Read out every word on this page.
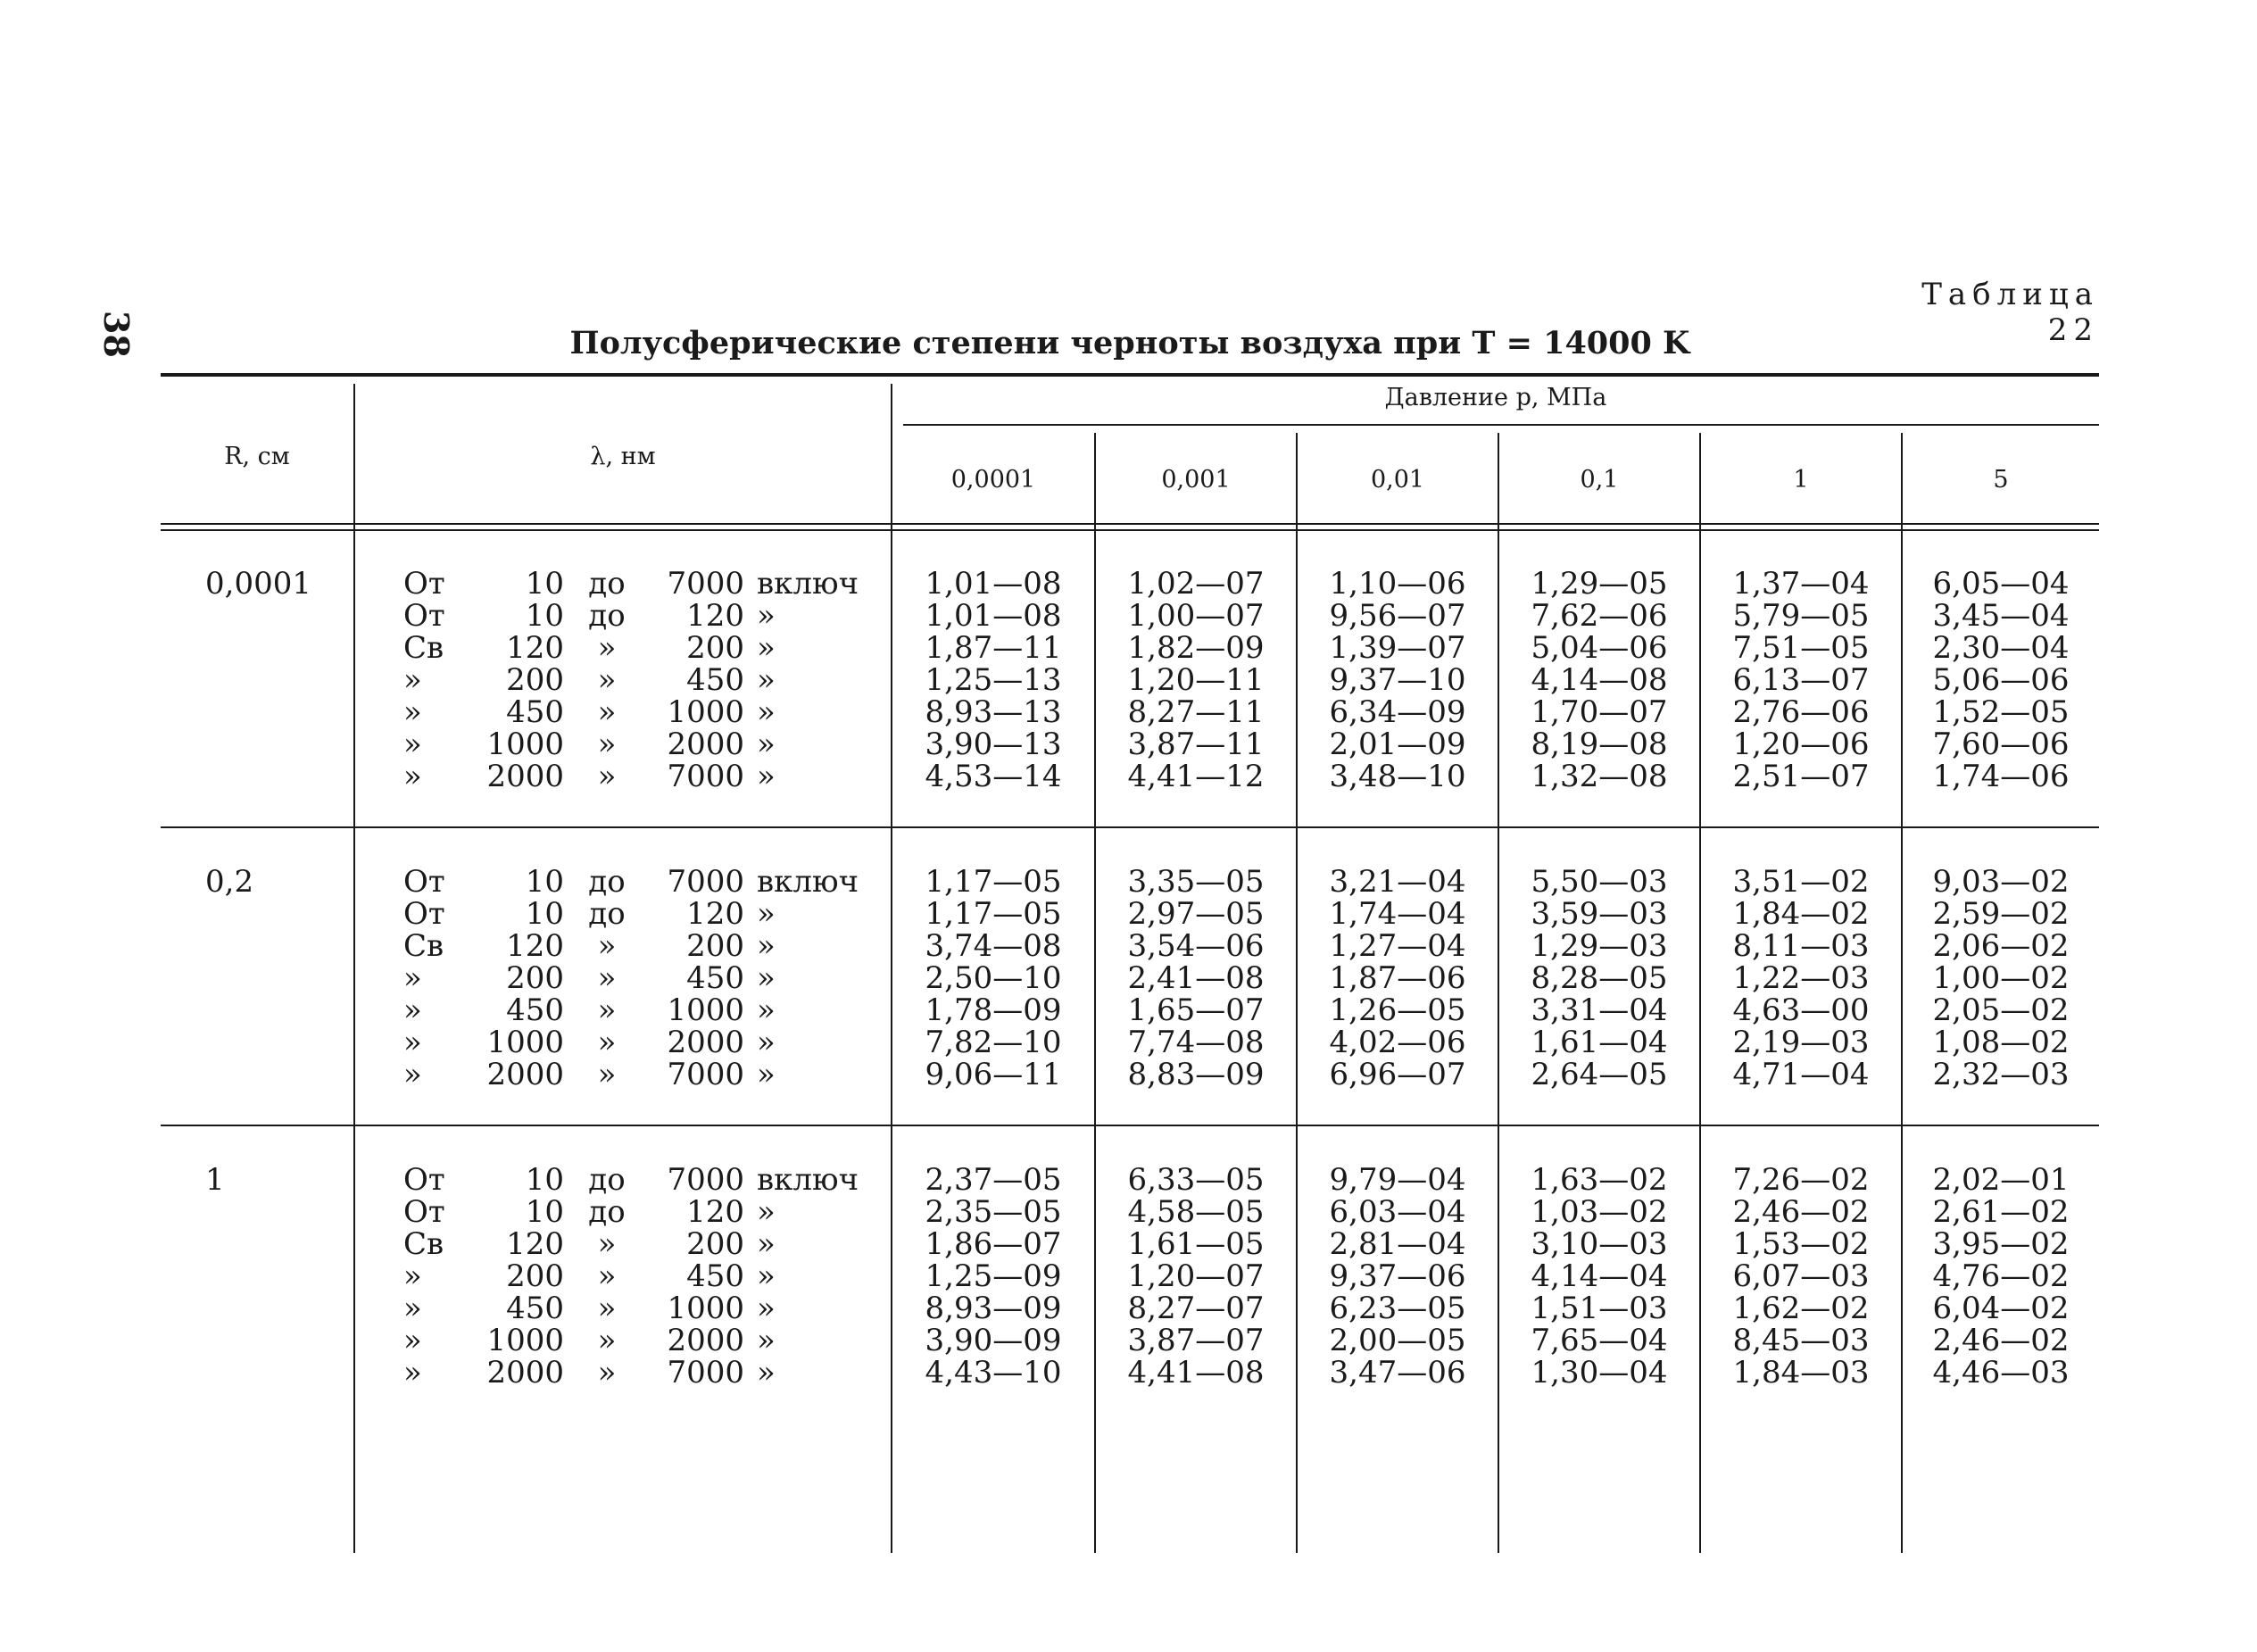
38
Таблица 22
Полусферические степени черноты воздуха при T = 14000 K
R, см	λ, нм
Давление p, МПа
0,0001	0,001	0,01	0,1	1	5
0,0001	От	10 до	7000 включ	1,01—08	1,02—07	1,10—06	1,29—05	1,37—04	6,05—04
От	10 до	120 »	1,01—08	1,00—07	9,56—07	7,62—06	5,79—05	3,45—04
Св	120	»	200 »	1,87—11	1,82—09	1,39—07	5,04—06	7,51—05	2,30—04
»	200	»	450 »	1,25—13	1,20—11	9,37—10	4,14—08	6,13—07	5,06—06
»	450	»	1000 »	8,93—13	8,27—11	6,34—09	1,70—07	2,76—06	1,52—05
»	1000	»	2000 »	3,90—13	3,87—11	2,01—09	8,19—08	1,20—06	7,60—06
»	2000	»	7000 »	4,53—14	4,41—12	3,48—10	1,32—08	2,51—07	1,74—06
0,2	От	10 до	7000 включ	1,17—05	3,35—05	3,21—04	5,50—03	3,51—02	9,03—02
От	10 до	120 »	1,17—05	2,97—05	1,74—04	3,59—03	1,84—02	2,59—02
Св	120	»	200 »	3,74—08	3,54—06	1,27—04	1,29—03	8,11—03	2,06—02
»	200	»	450 »	2,50—10	2,41—08	1,87—06	8,28—05	1,22—03	1,00—02
»	450	»	1000 »	1,78—09	1,65—07	1,26—05	3,31—04	4,63—00	2,05—02
»	1000	»	2000 »	7,82—10	7,74—08	4,02—06	1,61—04	2,19—03	1,08—02
»	2000	»	7000 »	9,06—11	8,83—09	6,96—07	2,64—05	4,71—04	2,32—03
1	От	10 до	7000 включ	2,37—05	6,33—05	9,79—04	1,63—02	7,26—02	2,02—01
От	10 до	120 »	2,35—05	4,58—05	6,03—04	1,03—02	2,46—02	2,61—02
Св	120	»	200 »	1,86—07	1,61—05	2,81—04	3,10—03	1,53—02	3,95—02
»	200	»	450 »	1,25—09	1,20—07	9,37—06	4,14—04	6,07—03	4,76—02
»	450	»	1000 »	8,93—09	8,27—07	6,23—05	1,51—03	1,62—02	6,04—02
»	1000	»	2000 »	3,90—09	3,87—07	2,00—05	7,65—04	8,45—03	2,46—02
»	2000	»	7000 »	4,43—10	4,41—08	3,47—06	1,30—04	1,84—03	4,46—03
